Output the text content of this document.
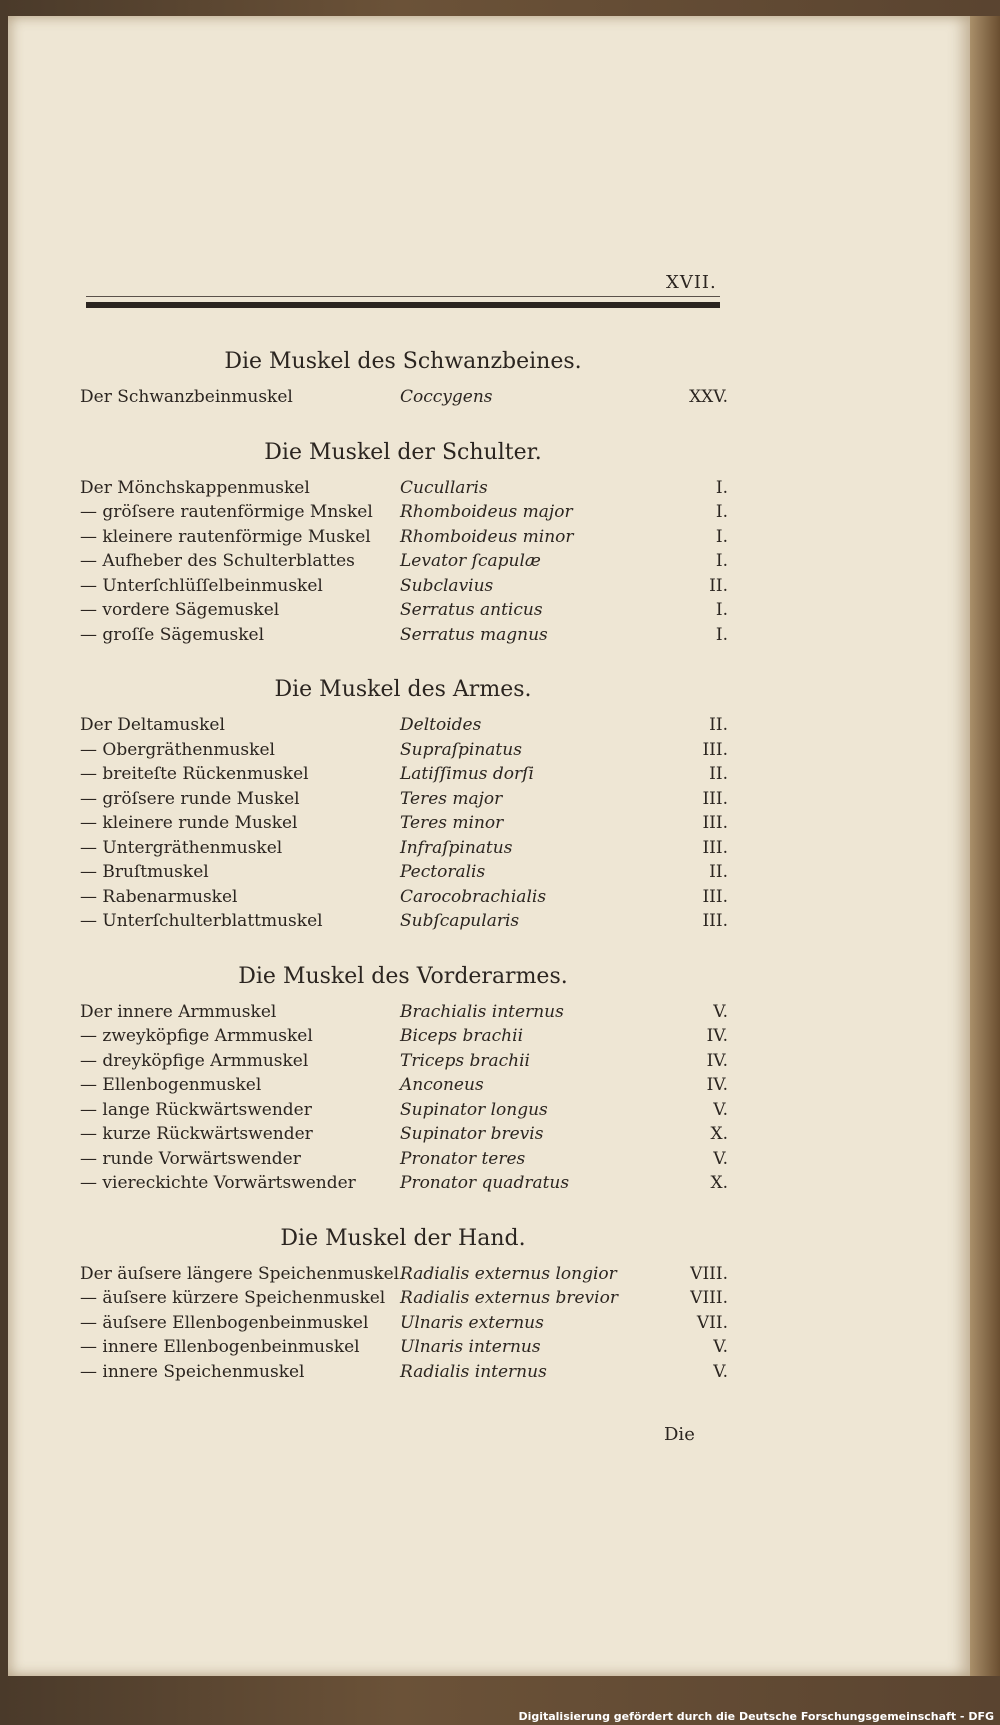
XVII.
Die Muskel des Schwanzbeines.
Der Schwanzbeinmuskel	Coccygens	XXV.
Die Muskel der Schulter.
Der Mönchskappenmuskel	Cucullaris	I.
— gröſsere rautenförmige Mnskel Rhomboideus major	I.
— kleinere rautenförmige Muskel Rhomboideus minor	I.
— Aufheber des Schulterblattes	Levator ſcapulæ	I.
— Unterſchlüſſelbeinmuskel	Subclavius	II.
— vordere Sägemuskel	Serratus anticus	I.
— groſſe Sägemuskel	Serratus magnus	I.
Die Muskel des Armes.
Der Deltamuskel	Deltoides	II.
— Obergräthenmuskel	Supraſpinatus	III.
— breiteſte Rückenmuskel	Latiſſimus dorſi	II.
— gröſsere runde Muskel	Teres major	III.
— kleinere runde Muskel	Teres minor	III.
— Untergräthenmuskel	Infraſpinatus	III.
— Bruſtmuskel	Pectoralis	II.
— Rabenarmuskel	Carocobrachialis	III.
— Unterſchulterblattmuskel	Subſcapularis	III.
Die Muskel des Vorderarmes.
Der innere Armmuskel	Brachialis internus	V.
— zweyköpfige Armmuskel	Biceps brachii	IV.
— dreyköpfige Armmuskel	Triceps brachii	IV.
— Ellenbogenmuskel	Anconeus	IV.
— lange Rückwärtswender	Supinator longus	V.
— kurze Rückwärtswender	Supinator brevis	X.
— runde Vorwärtswender	Pronator teres	V.
— viereckichte Vorwärtswender	Pronator quadratus	X.
Die Muskel der Hand.
Der äuſsere längere Speichenmuskel Radialis externus longior	VIII.
— äuſsere kürzere Speichenmuskel Radialis externus brevior	VIII.
— äuſsere Ellenbogenbeinmuskel Ulnaris externus	VII.
— innere Ellenbogenbeinmuskel Ulnaris internus	V.
— innere Speichenmuskel	Radialis internus	V.
Die
Digitalisierung gefördert durch die Deutsche Forschungsgemeinschaft - DFG
